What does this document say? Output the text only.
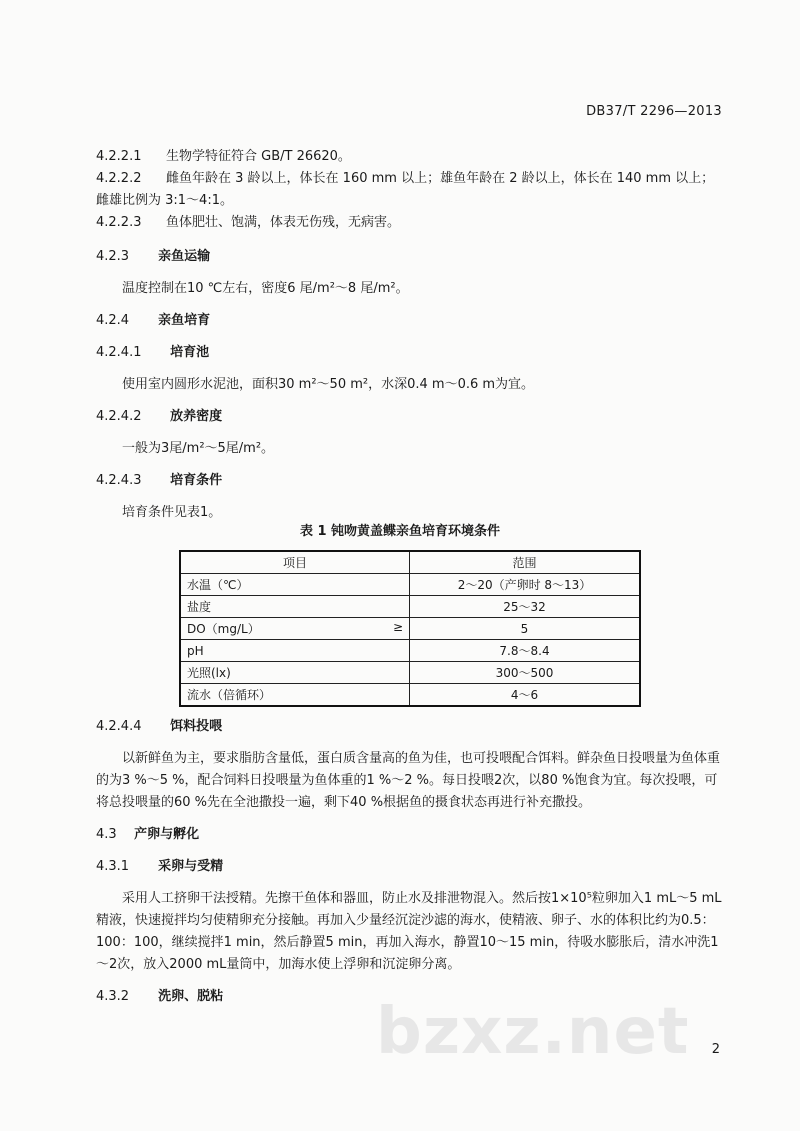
DB37/T 2296—2013
4.2.2.1	生物学特征符合 GB/T 26620。
4.2.2.2 雌鱼年龄在 3 龄以上，体长在 160 mm 以上；雄鱼年龄在 2 龄以上，体长在 140 mm 以上；雌雄比例为 3:1～4:1。
4.2.2.3	鱼体肥壮、饱满，体表无伤残，无病害。
4.2.3 亲鱼运输
温度控制在10 ℃左右，密度6 尾/m²～8 尾/m²。
4.2.4 亲鱼培育
4.2.4.1 培育池
使用室内圆形水泥池，面积30 m²～50 m²，水深0.4 m～0.6 m为宜。
4.2.4.2 放养密度
一般为3尾/m²～5尾/m²。
4.2.4.3 培育条件
培育条件见表1。
表 1 钝吻黄盖鲽亲鱼培育环境条件
项目	范围

水温（℃）	2～20（产卵时 8～13）

盐度	25～32

DO（mg/L） ≥	5

pH	7.8～8.4

光照(lx)	300～500

流水（倍循环）	4～6
4.2.4.4 饵料投喂
以新鲜鱼为主，要求脂肪含量低，蛋白质含量高的鱼为佳，也可投喂配合饵料。鲜杂鱼日投喂量为鱼体重的为3 %～5 %，配合饲料日投喂量为鱼体重的1 %～2 %。每日投喂2次，以80 %饱食为宜。每次投喂，可将总投喂量的60 %先在全池撒投一遍，剩下40 %根据鱼的摄食状态再进行补充撒投。
4.3 产卵与孵化
4.3.1 采卵与受精
采用人工挤卵干法授精。先擦干鱼体和器皿，防止水及排泄物混入。然后按1×10⁵粒卵加入1 mL～5 mL精液，快速搅拌均匀使精卵充分接触。再加入少量经沉淀沙滤的海水，使精液、卵子、水的体积比约为0.5：100：100，继续搅拌1 min，然后静置5 min，再加入海水，静置10～15 min，待吸水膨胀后，清水冲洗1～2次，放入2000 mL量筒中，加海水使上浮卵和沉淀卵分离。
4.3.2 洗卵、脱粘	bzxz.net 2
